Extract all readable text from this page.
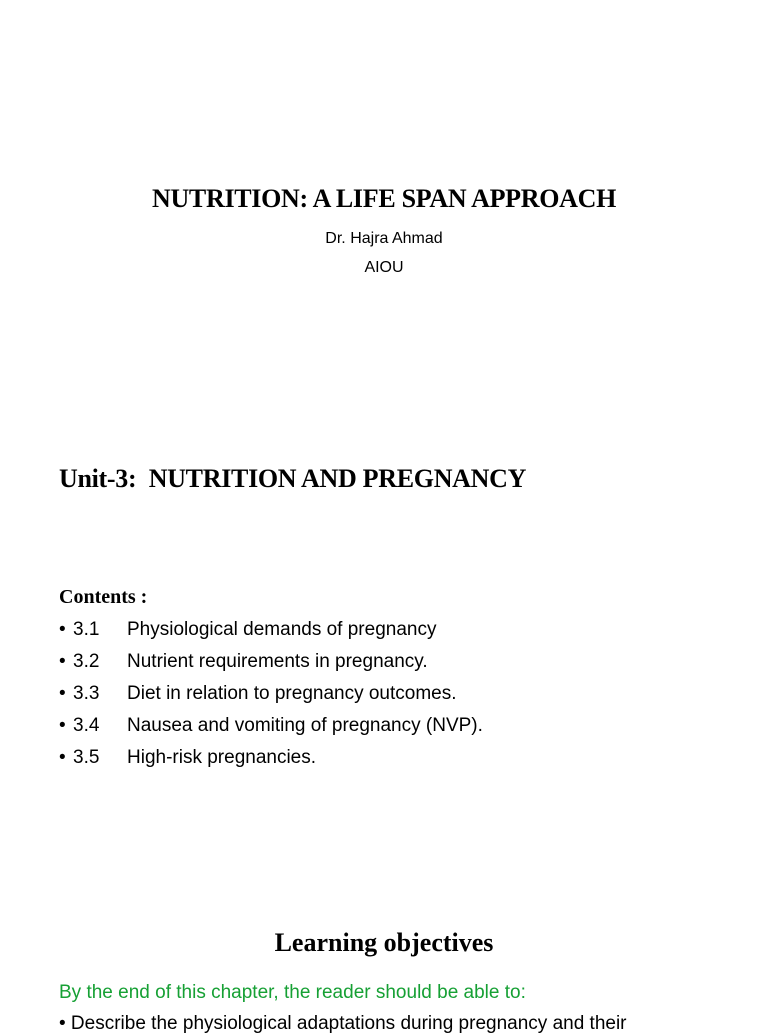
NUTRITION: A LIFE SPAN APPROACH
Dr. Hajra Ahmad
AIOU
Unit-3:  NUTRITION AND PREGNANCY
Contents :
• 3.1 Physiological demands of pregnancy
• 3.2 Nutrient requirements in pregnancy.
• 3.3 Diet in relation to pregnancy outcomes.
• 3.4 Nausea and vomiting of pregnancy (NVP).
• 3.5 High-risk pregnancies.
Learning objectives
By the end of this chapter, the reader should be able to:
• Describe the physiological adaptations during pregnancy and their
